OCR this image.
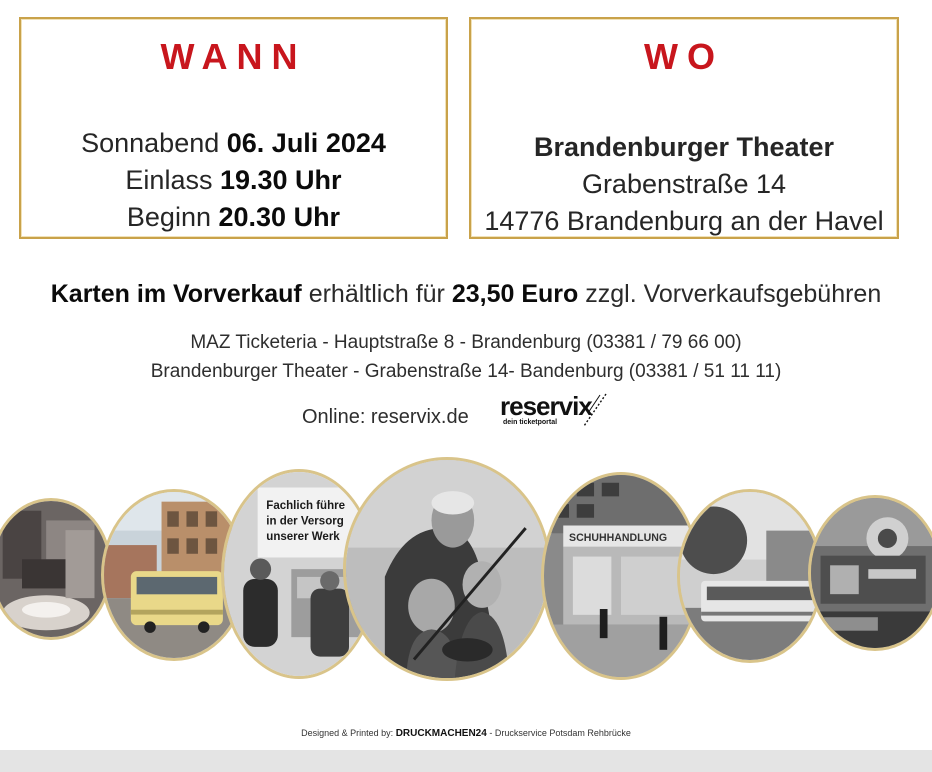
WANN
Sonnabend 06. Juli 2024
Einlass 19.30 Uhr
Beginn 20.30 Uhr
WO
Brandenburger Theater
Grabenstraße 14
14776 Brandenburg an der Havel
Karten im Vorverkauf erhältlich für 23,50 Euro zzgl. Vorverkaufsgebühren
MAZ Ticketeria - Hauptstraße 8 - Brandenburg (03381 / 79 66 00)
Brandenburger Theater - Grabenstraße 14- Bandenburg (03381 / 51 11 11)
Online: reservix.de reservix
dein ticketportal
Fachlich führe
in der Versorg
unserer Werk	SCHUHHANDLUNG
Designed & Printed by: DRUCKMACHEN24 - Druckservice Potsdam Rehbrücke
